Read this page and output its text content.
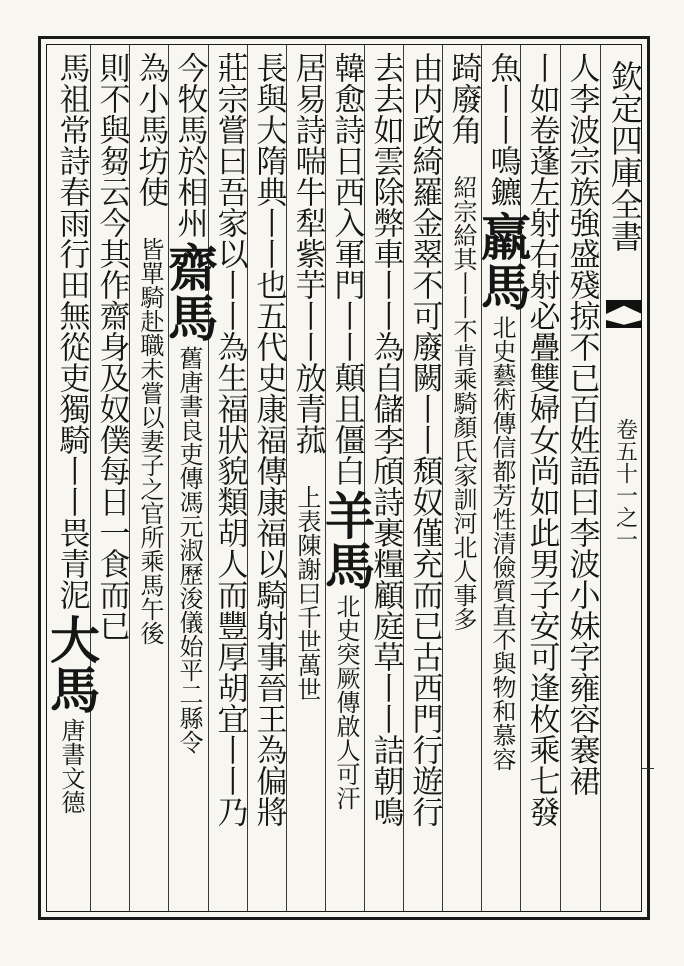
欽定四庫全書
卷五十一之一
人李波宗族強盛殘掠不已百姓語曰李波小妹字雍容褰裙
丨如卷蓬左射右射必疊雙婦女尚如此男子安可逢枚乘七發
魚丨丨鳴鑣
羸馬
北史藝術傳信都芳性清儉質直不與物和慕容
踦廢角
紹宗給其丨丨不肯乘騎顏氏家訓河北人事多
由内政綺羅金翠不可廢闕丨丨頹奴僅充而已古西門行遊行
去去如雲除弊車丨丨為自儲李頎詩裹糧顧庭草丨丨詰朝鳴
韓愈詩日西入軍門丨丨顛且僵白
羊馬
北史突厥傳啟人可汗
居易詩喘牛犁紫芋丨丨放青菰
上表陳謝曰千世萬世
長與大隋典丨丨也五代史康福傳康福以騎射事晉王為偏將
莊宗嘗曰吾家以丨丨為生福狀貌類胡人而豐厚胡宜丨丨乃
今牧馬於相州
齋馬
舊唐書良吏傳馮元淑歷浚儀始平二縣令
為小馬坊使
皆單騎赴職未嘗以妻子之官所乘馬午後
則不與芻云今其作
齋身及奴僕每日一食而已
馬祖常詩春雨行田無從吏獨騎丨丨畏青泥
大馬
唐書文德
